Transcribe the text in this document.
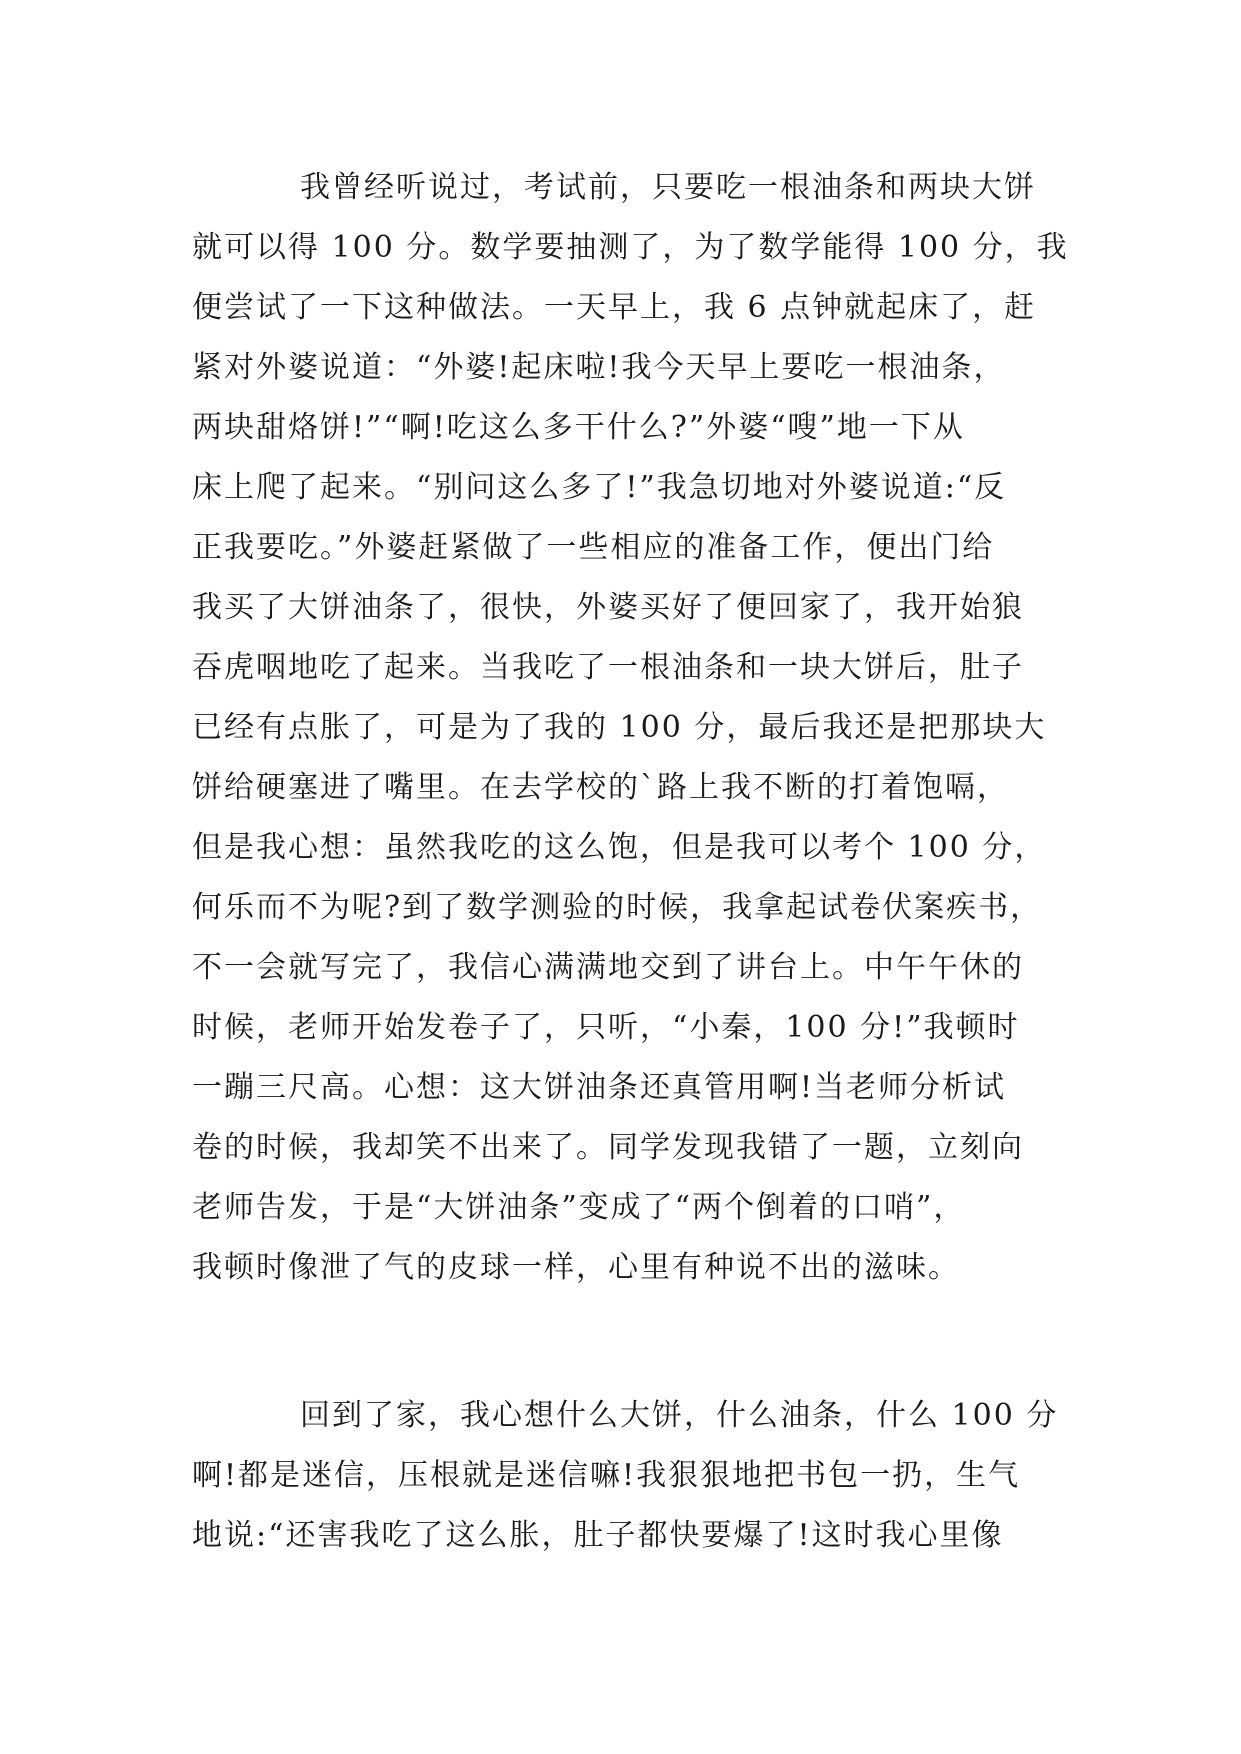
我曾经听说过，考试前，只要吃一根油条和两块大饼
就可以得 100 分。数学要抽测了，为了数学能得 100 分，我
便尝试了一下这种做法。一天早上，我 6 点钟就起床了，赶
紧对外婆说道：“外婆!起床啦!我今天早上要吃一根油条，
两块甜烙饼!”“啊!吃这么多干什么?”外婆“嗖”地一下从
床上爬了起来。“别问这么多了!”我急切地对外婆说道:“反
正我要吃。”外婆赶紧做了一些相应的准备工作，便出门给
我买了大饼油条了，很快，外婆买好了便回家了，我开始狼
吞虎咽地吃了起来。当我吃了一根油条和一块大饼后，肚子
已经有点胀了，可是为了我的 100 分，最后我还是把那块大
饼给硬塞进了嘴里。在去学校的`路上我不断的打着饱嗝，
但是我心想：虽然我吃的这么饱，但是我可以考个 100 分，
何乐而不为呢?到了数学测验的时候，我拿起试卷伏案疾书，
不一会就写完了，我信心满满地交到了讲台上。中午午休的
时候，老师开始发卷子了，只听，“小秦，100 分!”我顿时
一蹦三尺高。心想：这大饼油条还真管用啊!当老师分析试
卷的时候，我却笑不出来了。同学发现我错了一题，立刻向
老师告发，于是“大饼油条”变成了“两个倒着的口哨”，
我顿时像泄了气的皮球一样，心里有种说不出的滋味。
回到了家，我心想什么大饼，什么油条，什么 100 分
啊!都是迷信，压根就是迷信嘛!我狠狠地把书包一扔，生气
地说:“还害我吃了这么胀，肚子都快要爆了!这时我心里像
